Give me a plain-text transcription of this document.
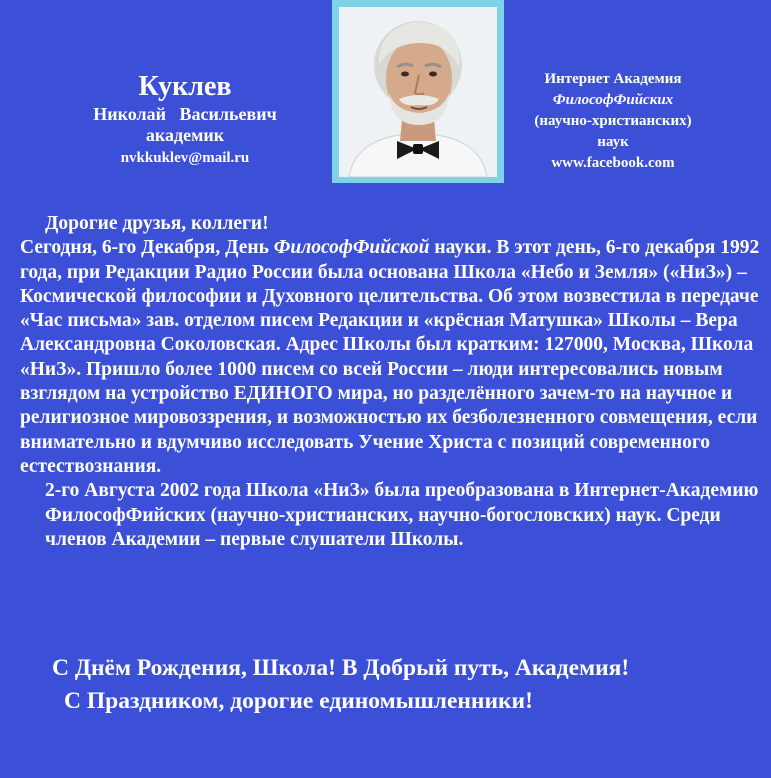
Куклев
Николай   Васильевич
академик
nvkkuklev@mail.ru
Интернет Академия
ФилософФийских
(научно-христианских)
наук
www.facebook.com

Дорогие друзья, коллеги!

Сегодня, 6-го Декабря, День ФилософФийской науки. В этот день, 6-го декабря 1992 года, при Редакции Радио России была основана Школа «Небо и Земля» («НиЗ») – Космической философии и Духовного целительства. Об этом возвестила в передаче «Час письма» зав. отделом писем Редакции и «крёсная Матушка» Школы – Вера Александровна Соколовская. Адрес Школы был кратким: 127000, Москва, Школа «НиЗ». Пришло более 1000 писем со всей России – люди интересовались новым взглядом на устройство ЕДИНОГО мира, но разделённого зачем-то на научное и религиозное мировоззрения, и возможностью их безболезненного совмещения, если внимательно и вдумчиво исследовать Учение Христа с позиций современного естествознания.

2-го Августа 2002 года Школа «НиЗ» была преобразована в Интернет-Академию ФилософФийских (научно-христианских, научно-богословских) наук. Среди членов Академии – первые слушатели Школы.

С Днём Рождения, Школа! В Добрый путь, Академия!
С Праздником, дорогие единомышленники!
